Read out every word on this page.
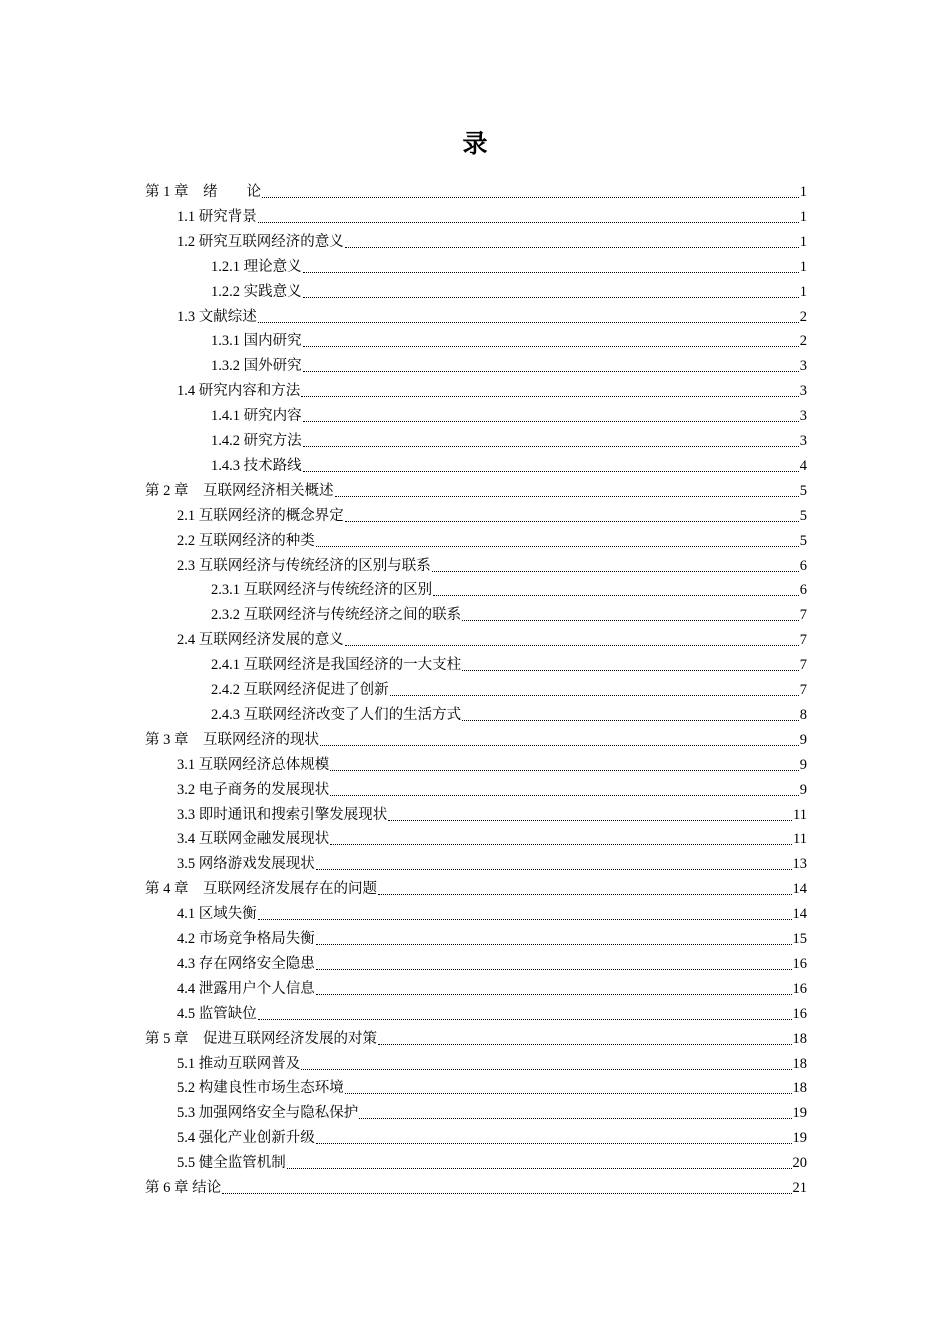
录
第 1 章　绪　　论	1
1.1 研究背景	1
1.2 研究互联网经济的意义	1
1.2.1 理论意义	1
1.2.2 实践意义	1
1.3 文献综述	2
1.3.1 国内研究	2
1.3.2 国外研究	3
1.4 研究内容和方法	3
1.4.1 研究内容	3
1.4.2 研究方法	3
1.4.3 技术路线	4
第 2 章　互联网经济相关概述	5
2.1 互联网经济的概念界定	5
2.2 互联网经济的种类	5
2.3 互联网经济与传统经济的区别与联系	6
2.3.1 互联网经济与传统经济的区别	6
2.3.2 互联网经济与传统经济之间的联系	7
2.4 互联网经济发展的意义	7
2.4.1 互联网经济是我国经济的一大支柱	7
2.4.2 互联网经济促进了创新	7
2.4.3 互联网经济改变了人们的生活方式	8
第 3 章　互联网经济的现状	9
3.1 互联网经济总体规模	9
3.2 电子商务的发展现状	9
3.3 即时通讯和搜索引擎发展现状	11
3.4 互联网金融发展现状	11
3.5 网络游戏发展现状	13
第 4 章　互联网经济发展存在的问题	14
4.1 区域失衡	14
4.2 市场竞争格局失衡	15
4.3 存在网络安全隐患	16
4.4 泄露用户个人信息	16
4.5 监管缺位	16
第 5 章　促进互联网经济发展的对策	18
5.1 推动互联网普及	18
5.2 构建良性市场生态环境	18
5.3 加强网络安全与隐私保护	19
5.4 强化产业创新升级	19
5.5 健全监管机制	20
第 6 章 结论	21
